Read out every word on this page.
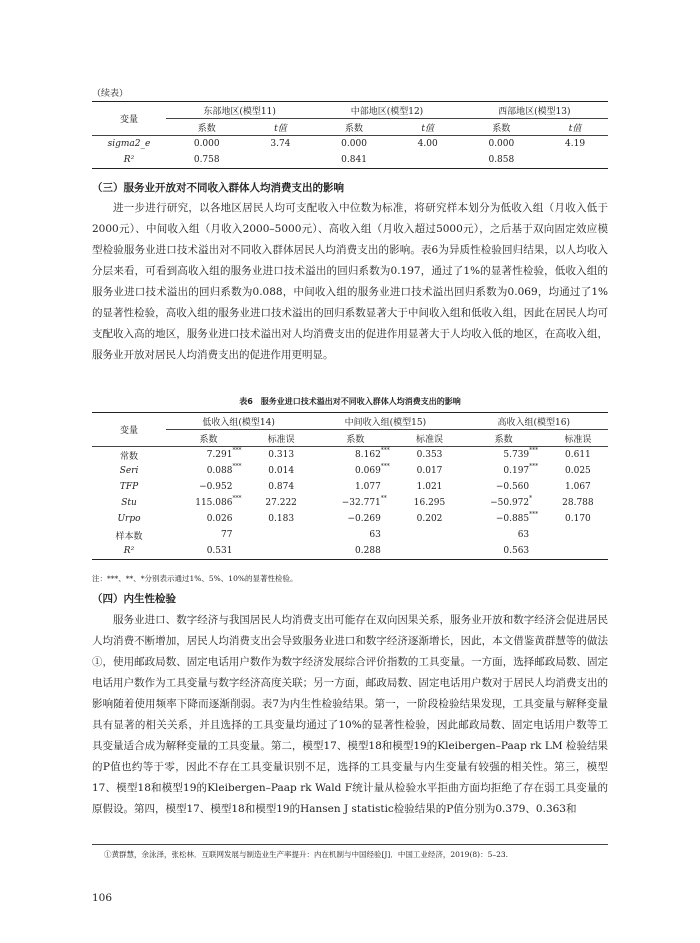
（续表）
变量	东部地区(模型11)		中部地区(模型12)		西部地区(模型13)	
	系数	t值	系数	t值	系数	t值
sigma2_e	0.000	3.74	0.000	4.00	0.000	4.19
R²	0.758		0.841		0.858	
（三）服务业开放对不同收入群体人均消费支出的影响
进一步进行研究，以各地区居民人均可支配收入中位数为标准，将研究样本划分为低收入组（月收入低于2000元）、中间收入组（月收入2000–5000元）、高收入组（月收入超过5000元），之后基于双向固定效应模型检验服务业进口技术溢出对不同收入群体居民人均消费支出的影响。表6为异质性检验回归结果，以人均收入分层来看，可看到高收入组的服务业进口技术溢出的回归系数为0.197，通过了1%的显著性检验，低收入组的服务业进口技术溢出的回归系数为0.088，中间收入组的服务业进口技术溢出回归系数为0.069，均通过了1%的显著性检验，高收入组的服务业进口技术溢出的回归系数显著大于中间收入组和低收入组，因此在居民人均可支配收入高的地区，服务业进口技术溢出对人均消费支出的促进作用显著大于人均收入低的地区，在高收入组，服务业开放对居民人均消费支出的促进作用更明显。
表6　服务业进口技术溢出对不同收入群体人均消费支出的影响
变量	低收入组(模型14)			中间收入组(模型15)			高收入组(模型16)		
	系数		标准误	系数		标准误	系数		标准误
常数	7.291	***	0.313	8.162	***	0.353	5.739	***	0.611
Seri	0.088	***	0.014	0.069	***	0.017	0.197	***	0.025
TFP	−0.952		0.874	1.077		1.021	−0.560		1.067
Stu	115.086	***	27.222	−32.771	**	16.295	−50.972	*	28.788
Urpo	0.026		0.183	−0.269		0.202	−0.885	***	0.170
样本数	77			63			63		
R²	0.531			0.288			0.563		
注：***、**、*分别表示通过1%、5%、10%的显著性检验。
（四）内生性检验
服务业进口、数字经济与我国居民人均消费支出可能存在双向因果关系，服务业开放和数字经济会促进居民人均消费不断增加，居民人均消费支出会导致服务业进口和数字经济逐渐增长，因此，本文借鉴黄群慧等的做法①，使用邮政局数、固定电话用户数作为数字经济发展综合评价指数的工具变量。一方面，选择邮政局数、固定电话用户数作为工具变量与数字经济高度关联；另一方面，邮政局数、固定电话用户数对于居民人均消费支出的影响随着使用频率下降而逐渐削弱。表7为内生性检验结果。第一，一阶段检验结果发现，工具变量与解释变量具有显著的相关关系，并且选择的工具变量均通过了10%的显著性检验，因此邮政局数、固定电话用户数等工具变量适合成为解释变量的工具变量。第二，模型17、模型18和模型19的Kleibergen–Paap rk LM 检验结果的P值也约等于零，因此不存在工具变量识别不足，选择的工具变量与内生变量有较强的相关性。第三，模型17、模型18和模型19的Kleibergen–Paap rk Wald F统计量从检验水平拒曲方面均拒绝了存在弱工具变量的原假设。第四，模型17、模型18和模型19的Hansen J statistic检验结果的P值分别为0.379、0.363和
①黄群慧，余泳泽，张松林．互联网发展与制造业生产率提升：内在机制与中国经验[J]．中国工业经济，2019(8)：5–23.
106
